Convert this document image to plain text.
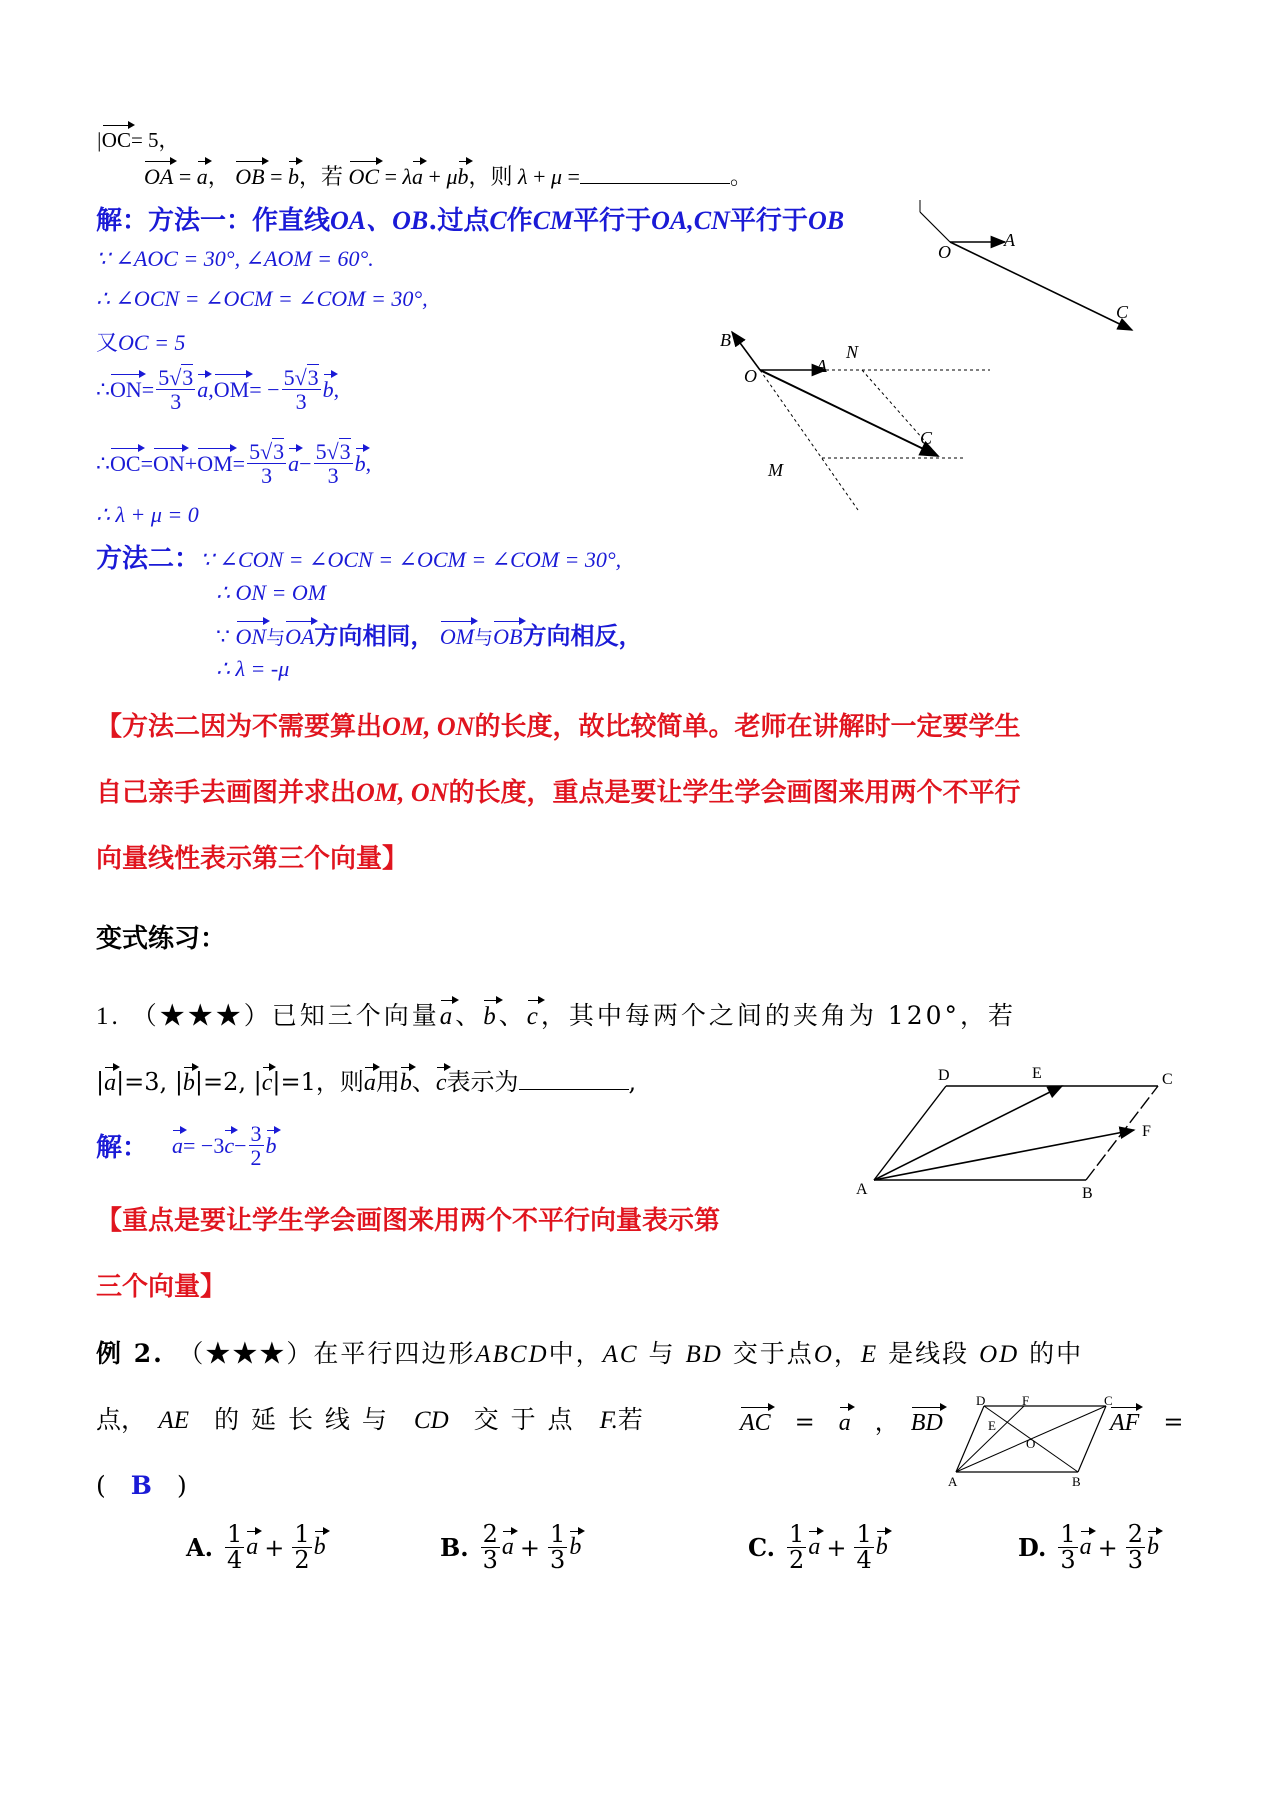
|OC= 5，
OA = a， OB = b，若 OC = λa + μb，则 λ + μ =	。
解：方法一：作直线OA、OB.过点C作CM平行于OA,CN平行于OB
∵ ∠AOC = 30°, ∠AOM = 60°.
∴ ∠OCN = ∠OCM = ∠COM = 30°,
又OC = 5
∴ ON = $\frac{5√3}{3}$ a , OM = − $\frac{5√3}{3}$ b ,
∴ OC = ON + OM = $\frac{5√3}{3}$ $a - \frac{5√3}{3}$ b ,
∴ λ + μ = 0
方法二：∵ ∠CON = ∠OCN = ∠OCM = ∠COM = 30°,
∴ ON = OM
∵ ON与OA方向相同， OM与OB方向相反，
∴ λ = -μ
【方法二因为不需要算出OM, ON的长度，故比较简单。老师在讲解时一定要学生
自己亲手去画图并求出OM, ON的长度，重点是要让学生学会画图来用两个不平行
向量线性表示第三个向量】
变式练习：
1. （★★★）已知三个向量a、b、c，其中每两个之间的夹角为 120°，若
|a|=3, |b|=2, |c|=1，则a用b、c表示为	,
解： a = −3 $c - \frac{3}{2}$ b
【重点是要让学生学会画图来用两个不平行向量表示第
三个向量】
例 2.　 （★★★）在平行四边形ABCD中，AC 与 BD 交于点O，E 是线段 OD 的中
点，　 AE　 的 延 长 线 与　 CD　 交 于 点　 F.若	AC　 =　 a　 ，　 BD	AF　 =
(　 B　 )
A. $\frac{1}{4}$ $a + \frac{1}{2}$ b	B. $\frac{2}{3}$ $a + \frac{1}{3}$ b	C. $\frac{1}{2}$ $a + \frac{1}{4}$ b	D. $\frac{1}{3}$ $a + \frac{2}{3}$ b
O
A
C
B
O	A
N
C
M
D	E	C
F
A	B
D	F	C
E
O
A	B
